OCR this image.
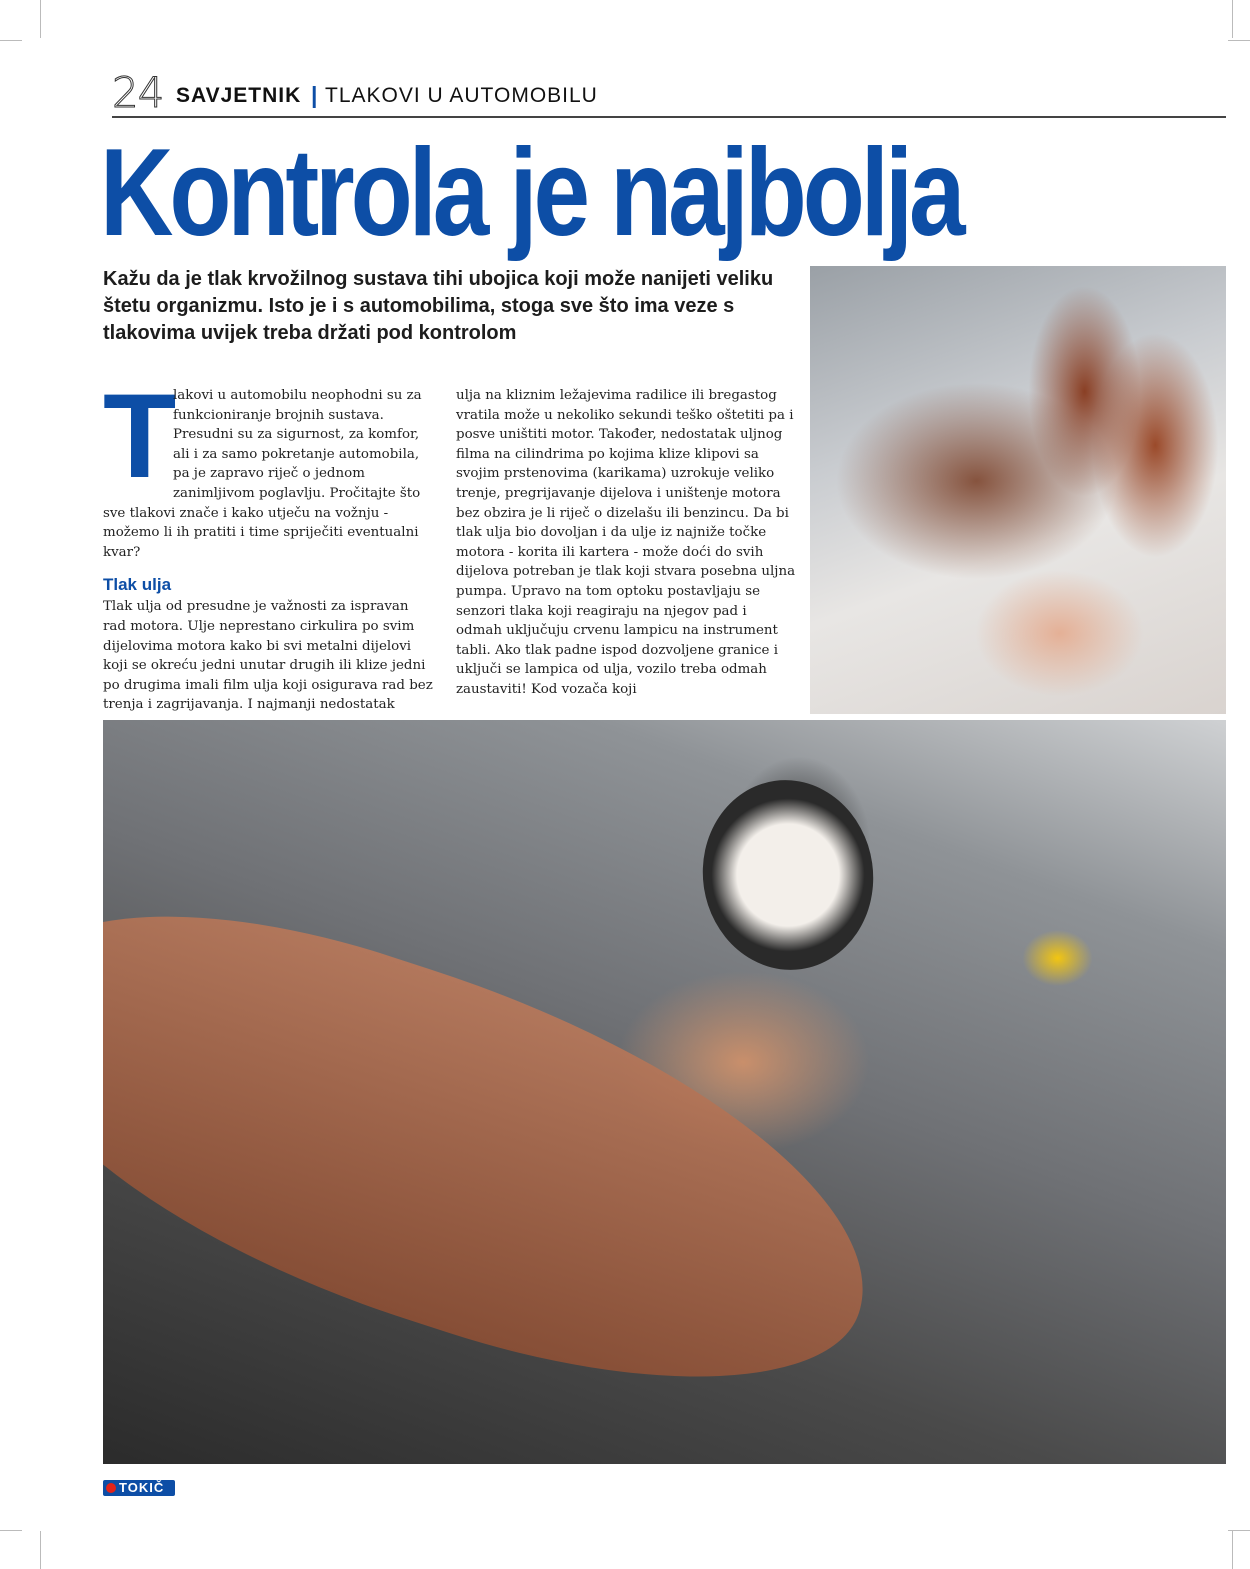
24 SAVJETNIK | TLAKOVI U AUTOMOBILU
Kontrola je najbolja

Kažu da je tlak krvožilnog sustava tihi ubojica koji može nanijeti veliku štetu organizmu. Isto je i s automobilima, stoga sve što ima veze s tlakovima uvijek treba držati pod kontrolom

T

lakovi u automobilu neophodni su za funkcioniranje brojnih sustava. Presudni su za sigurnost, za komfor, ali i za samo pokretanje automobila, pa je zapravo riječ o jednom zanimljivom poglavlju. Pročitajte što sve tlakovi znače i kako utječu na vožnju - možemo li ih pratiti i time spriječiti eventualni kvar?

Tlak ulja

Tlak ulja od presudne je važnosti za ispravan rad motora. Ulje neprestano cirkulira po svim dijelovima motora kako bi svi metalni dijelovi koji se okreću jedni unutar drugih ili klize jedni po drugima imali film ulja koji osigurava rad bez trenja i zagrijavanja. I najmanji nedostatak

ulja na kliznim ležajevima radilice ili bregastog vratila može u nekoliko sekundi teško oštetiti pa i posve uništiti motor. Također, nedostatak uljnog filma na cilindrima po kojima klize klipovi sa svojim prstenovima (karikama) uzrokuje veliko trenje, pregrijavanje dijelova i uništenje motora bez obzira je li riječ o dizelašu ili benzincu. Da bi tlak ulja bio dovoljan i da ulje iz najniže točke motora - korita ili kartera - može doći do svih dijelova potreban je tlak koji stvara posebna uljna pumpa. Upravo na tom optoku postavljaju se senzori tlaka koji reagiraju na njegov pad i odmah uključuju crvenu lampicu na instrument tabli. Ako tlak padne ispod dozvoljene granice i uključi se lampica od ulja, vozilo treba odmah zaustaviti! Kod vozača koji

TOKIČ
